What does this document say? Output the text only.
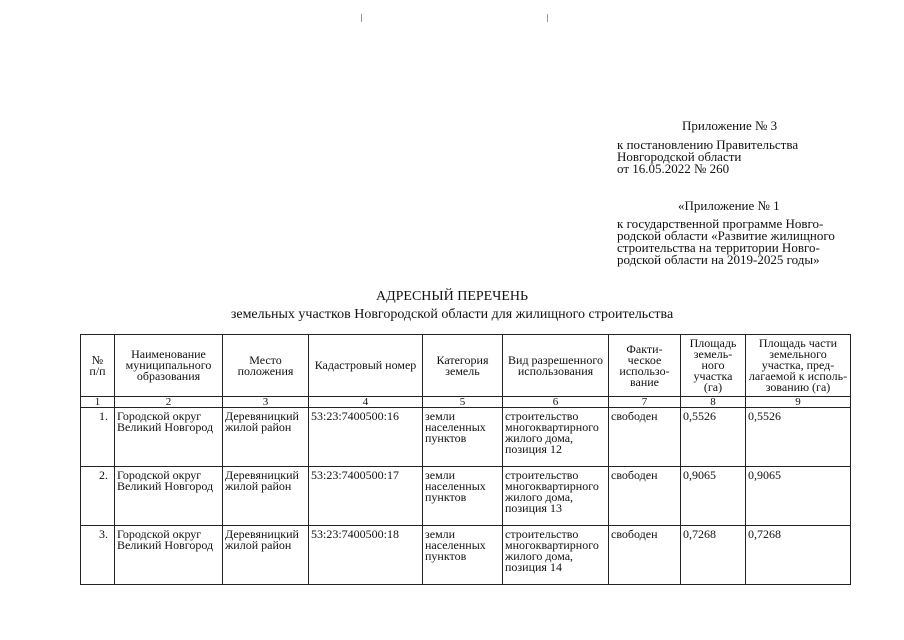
Приложение № 3
к постановлению Правительства
Новгородской области
от 16.05.2022 № 260
«Приложение № 1
к государственной программе Новго-
родской области «Развитие жилищного
строительства на территории Новго-
родской области на 2019-2025 годы»
АДРЕСНЫЙ ПЕРЕЧЕНЬ
земельных участков Новгородской области для жилищного строительства
№
п/п	Наименование
муниципального
образования	Место
положения	Кадастровый номер	Категория
земель	Вид разрешенного
использования	Факти-
ческое
использо-
вание	Площадь
земель-
ного
участка
(га)	Площадь части
земельного
участка, пред-
лагаемой к исполь-
зованию (га)
1	2	3	4	5	6	7	8	9
1.	Городской округ
Великий Новгород	Деревяницкий
жилой район	53:23:7400500:16	земли
населенных
пунктов	строительство
многоквартирного
жилого дома,
позиция 12	свободен	0,5526	0,5526
2.	Городской округ
Великий Новгород	Деревяницкий
жилой район	53:23:7400500:17	земли
населенных
пунктов	строительство
многоквартирного
жилого дома,
позиция 13	свободен	0,9065	0,9065
3.	Городской округ
Великий Новгород	Деревяницкий
жилой район	53:23:7400500:18	земли
населенных
пунктов	строительство
многоквартирного
жилого дома,
позиция 14	свободен	0,7268	0,7268
